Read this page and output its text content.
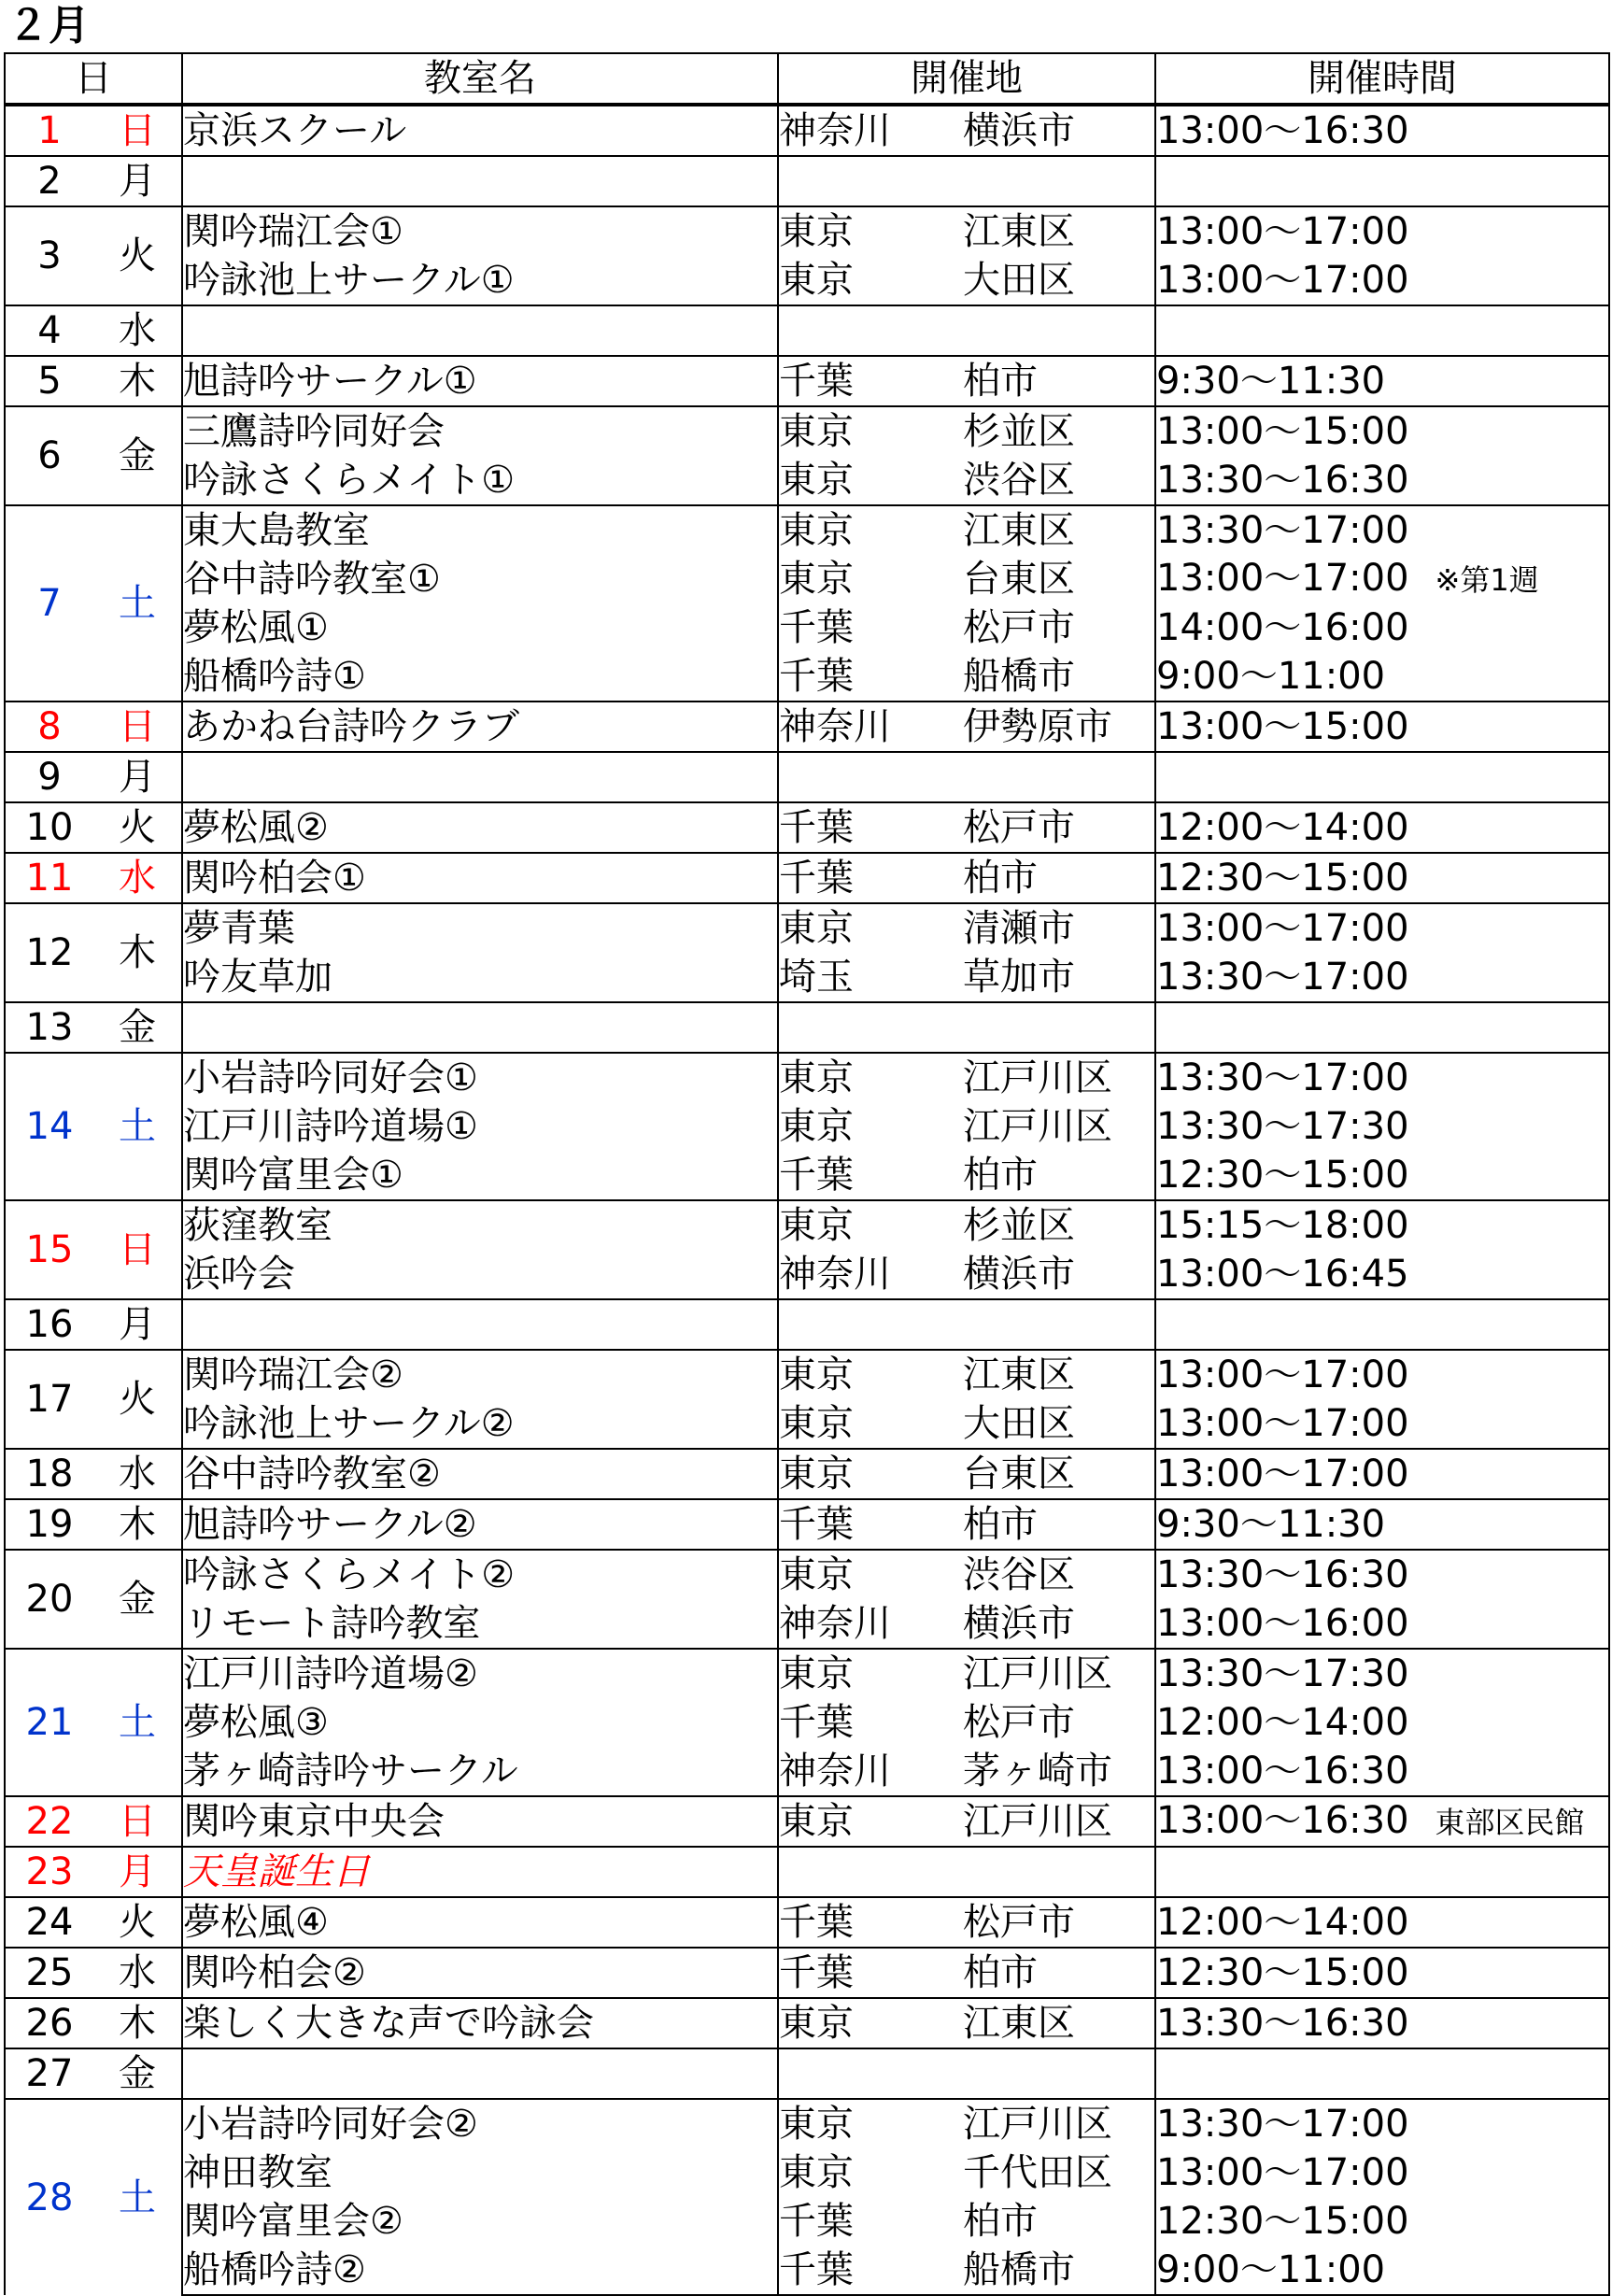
２月
日		教室名	開催地		開催時間
1	日	京浜スクール	神奈川	横浜市	13:00～16:30
2	月				
3	火	関吟瑞江会①	東京	江東区	13:00～17:00
		吟詠池上サークル①	東京	大田区	13:00～17:00
4	水				
5	木	旭詩吟サークル①	千葉	柏市	9:30～11:30
6	金	三鷹詩吟同好会	東京	杉並区	13:00～15:00
		吟詠さくらメイト①	東京	渋谷区	13:30～16:30
7	土	東大島教室	東京	江東区	13:30～17:00
		谷中詩吟教室①	東京	台東区	13:00～17:00 ※第1週
		夢松風①	千葉	松戸市	14:00～16:00
		船橋吟詩①	千葉	船橋市	9:00～11:00
8	日	あかね台詩吟クラブ	神奈川	伊勢原市	13:00～15:00
9	月				
10	火	夢松風②	千葉	松戸市	12:00～14:00
11	水	関吟柏会①	千葉	柏市	12:30～15:00
12	木	夢青葉	東京	清瀬市	13:00～17:00
		吟友草加	埼玉	草加市	13:30～17:00
13	金				
14	土	小岩詩吟同好会①	東京	江戸川区	13:30～17:00
		江戸川詩吟道場①	東京	江戸川区	13:30～17:30
		関吟富里会①	千葉	柏市	12:30～15:00
15	日	荻窪教室	東京	杉並区	15:15～18:00
		浜吟会	神奈川	横浜市	13:00～16:45
16	月				
17	火	関吟瑞江会②	東京	江東区	13:00～17:00
		吟詠池上サークル②	東京	大田区	13:00～17:00
18	水	谷中詩吟教室②	東京	台東区	13:00～17:00
19	木	旭詩吟サークル②	千葉	柏市	9:30～11:30
20	金	吟詠さくらメイト②	東京	渋谷区	13:30～16:30
		リモート詩吟教室	神奈川	横浜市	13:00～16:00
21	土	江戸川詩吟道場②	東京	江戸川区	13:30～17:30
		夢松風③	千葉	松戸市	12:00～14:00
		茅ヶ崎詩吟サークル	神奈川	茅ヶ崎市	13:00～16:30
22	日	関吟東京中央会	東京	江戸川区	13:00～16:30 東部区民館
23	月	天皇誕生日			
24	火	夢松風④	千葉	松戸市	12:00～14:00
25	水	関吟柏会②	千葉	柏市	12:30～15:00
26	木	楽しく大きな声で吟詠会	東京	江東区	13:30～16:30
27	金				
28	土	小岩詩吟同好会②	東京	江戸川区	13:30～17:00
		神田教室	東京	千代田区	13:00～17:00
		関吟富里会②	千葉	柏市	12:30～15:00
		船橋吟詩②	千葉	船橋市	9:00～11:00
